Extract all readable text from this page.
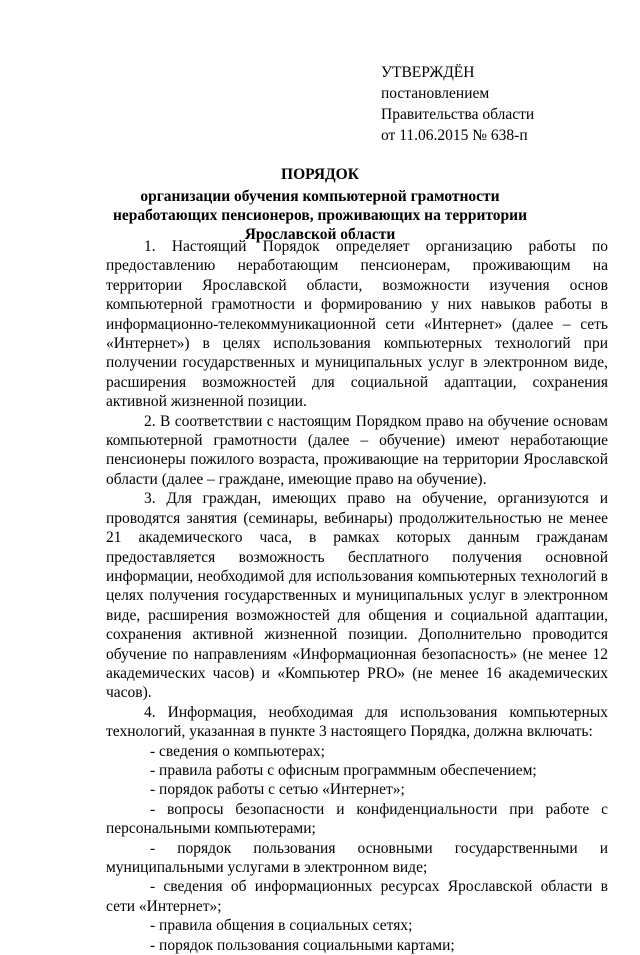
УТВЕРЖДЁН
постановлением
Правительства области
от 11.06.2015 № 638-п
ПОРЯДОК
организации обучения компьютерной грамотности неработающих пенсионеров, проживающих на территории Ярославской области

1. Настоящий Порядок определяет организацию работы по предоставлению неработающим пенсионерам, проживающим на территории Ярославской области, возможности изучения основ компьютерной грамотности и формированию у них навыков работы в информационно-телекоммуникационной сети «Интернет» (далее – сеть «Интернет») в целях использования компьютерных технологий при получении государственных и муниципальных услуг в электронном виде, расширения возможностей для социальной адаптации, сохранения активной жизненной позиции.

2. В соответствии с настоящим Порядком право на обучение основам компьютерной грамотности (далее – обучение) имеют неработающие пенсионеры пожилого возраста, проживающие на территории Ярославской области (далее – граждане, имеющие право на обучение).

3. Для граждан, имеющих право на обучение, организуются и проводятся занятия (семинары, вебинары) продолжительностью не менее 21 академического часа, в рамках которых данным гражданам предоставляется возможность бесплатного получения основной информации, необходимой для использования компьютерных технологий в целях получения государственных и муниципальных услуг в электронном виде, расширения возможностей для общения и социальной адаптации, сохранения активной жизненной позиции. Дополнительно проводится обучение по направлениям «Информационная безопасность» (не менее 12 академических часов) и «Компьютер PRO» (не менее 16 академических часов).

4. Информация, необходимая для использования компьютерных технологий, указанная в пункте 3 настоящего Порядка, должна включать:

- сведения о компьютерах;

- правила работы с офисным программным обеспечением;

- порядок работы с сетью «Интернет»;

- вопросы безопасности и конфиденциальности при работе с персональными компьютерами;

- порядок пользования основными государственными и муниципальными услугами в электронном виде;

- сведения об информационных ресурсах Ярославской области в сети «Интернет»;

- правила общения в социальных сетях;

- порядок пользования социальными картами;
